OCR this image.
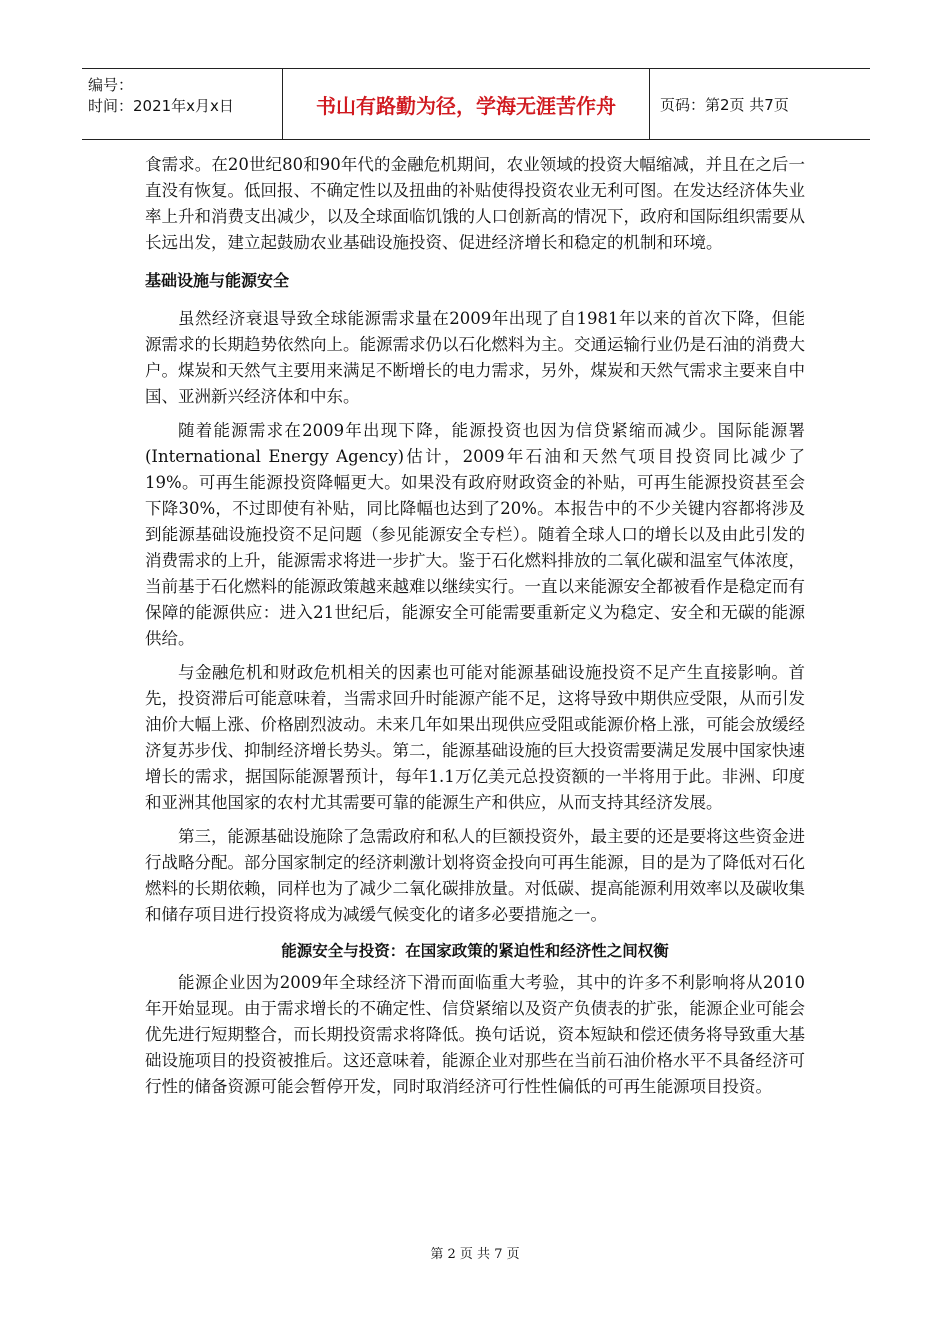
编号：
时间：2021年x月x日	书山有路勤为径，学海无涯苦作舟	页码：第2页 共7页

食需求。在20世纪80和90年代的金融危机期间，农业领域的投资大幅缩减，并且在之后一直没有恢复。低回报、不确定性以及扭曲的补贴使得投资农业无利可图。在发达经济体失业率上升和消费支出减少，以及全球面临饥饿的人口创新高的情况下，政府和国际组织需要从长远出发，建立起鼓励农业基础设施投资、促进经济增长和稳定的机制和环境。

基础设施与能源安全

虽然经济衰退导致全球能源需求量在2009年出现了自1981年以来的首次下降，但能源需求的长期趋势依然向上。能源需求仍以石化燃料为主。交通运输行业仍是石油的消费大户。煤炭和天然气主要用来满足不断增长的电力需求，另外，煤炭和天然气需求主要来自中国、亚洲新兴经济体和中东。

随着能源需求在2009年出现下降，能源投资也因为信贷紧缩而减少。国际能源署(International Energy Agency)估计，2009年石油和天然气项目投资同比减少了19%。可再生能源投资降幅更大。如果没有政府财政资金的补贴，可再生能源投资甚至会下降30%，不过即使有补贴，同比降幅也达到了20%。本报告中的不少关键内容都将涉及到能源基础设施投资不足问题（参见能源安全专栏）。随着全球人口的增长以及由此引发的消费需求的上升，能源需求将进一步扩大。鉴于石化燃料排放的二氧化碳和温室气体浓度，当前基于石化燃料的能源政策越来越难以继续实行。一直以来能源安全都被看作是稳定而有保障的能源供应：进入21世纪后，能源安全可能需要重新定义为稳定、安全和无碳的能源供给。

与金融危机和财政危机相关的因素也可能对能源基础设施投资不足产生直接影响。首先，投资滞后可能意味着，当需求回升时能源产能不足，这将导致中期供应受限，从而引发油价大幅上涨、价格剧烈波动。未来几年如果出现供应受阻或能源价格上涨，可能会放缓经济复苏步伐、抑制经济增长势头。第二，能源基础设施的巨大投资需要满足发展中国家快速增长的需求，据国际能源署预计，每年1.1万亿美元总投资额的一半将用于此。非洲、印度和亚洲其他国家的农村尤其需要可靠的能源生产和供应，从而支持其经济发展。

第三，能源基础设施除了急需政府和私人的巨额投资外，最主要的还是要将这些资金进行战略分配。部分国家制定的经济刺激计划将资金投向可再生能源，目的是为了降低对石化燃料的长期依赖，同样也为了减少二氧化碳排放量。对低碳、提高能源利用效率以及碳收集和储存项目进行投资将成为减缓气候变化的诸多必要措施之一。

能源安全与投资：在国家政策的紧迫性和经济性之间权衡

能源企业因为2009年全球经济下滑而面临重大考验，其中的许多不利影响将从2010年开始显现。由于需求增长的不确定性、信贷紧缩以及资产负债表的扩张，能源企业可能会优先进行短期整合，而长期投资需求将降低。换句话说，资本短缺和偿还债务将导致重大基础设施项目的投资被推后。这还意味着，能源企业对那些在当前石油价格水平不具备经济可行性的储备资源可能会暂停开发，同时取消经济可行性性偏低的可再生能源项目投资。

第 2 页 共 7 页
